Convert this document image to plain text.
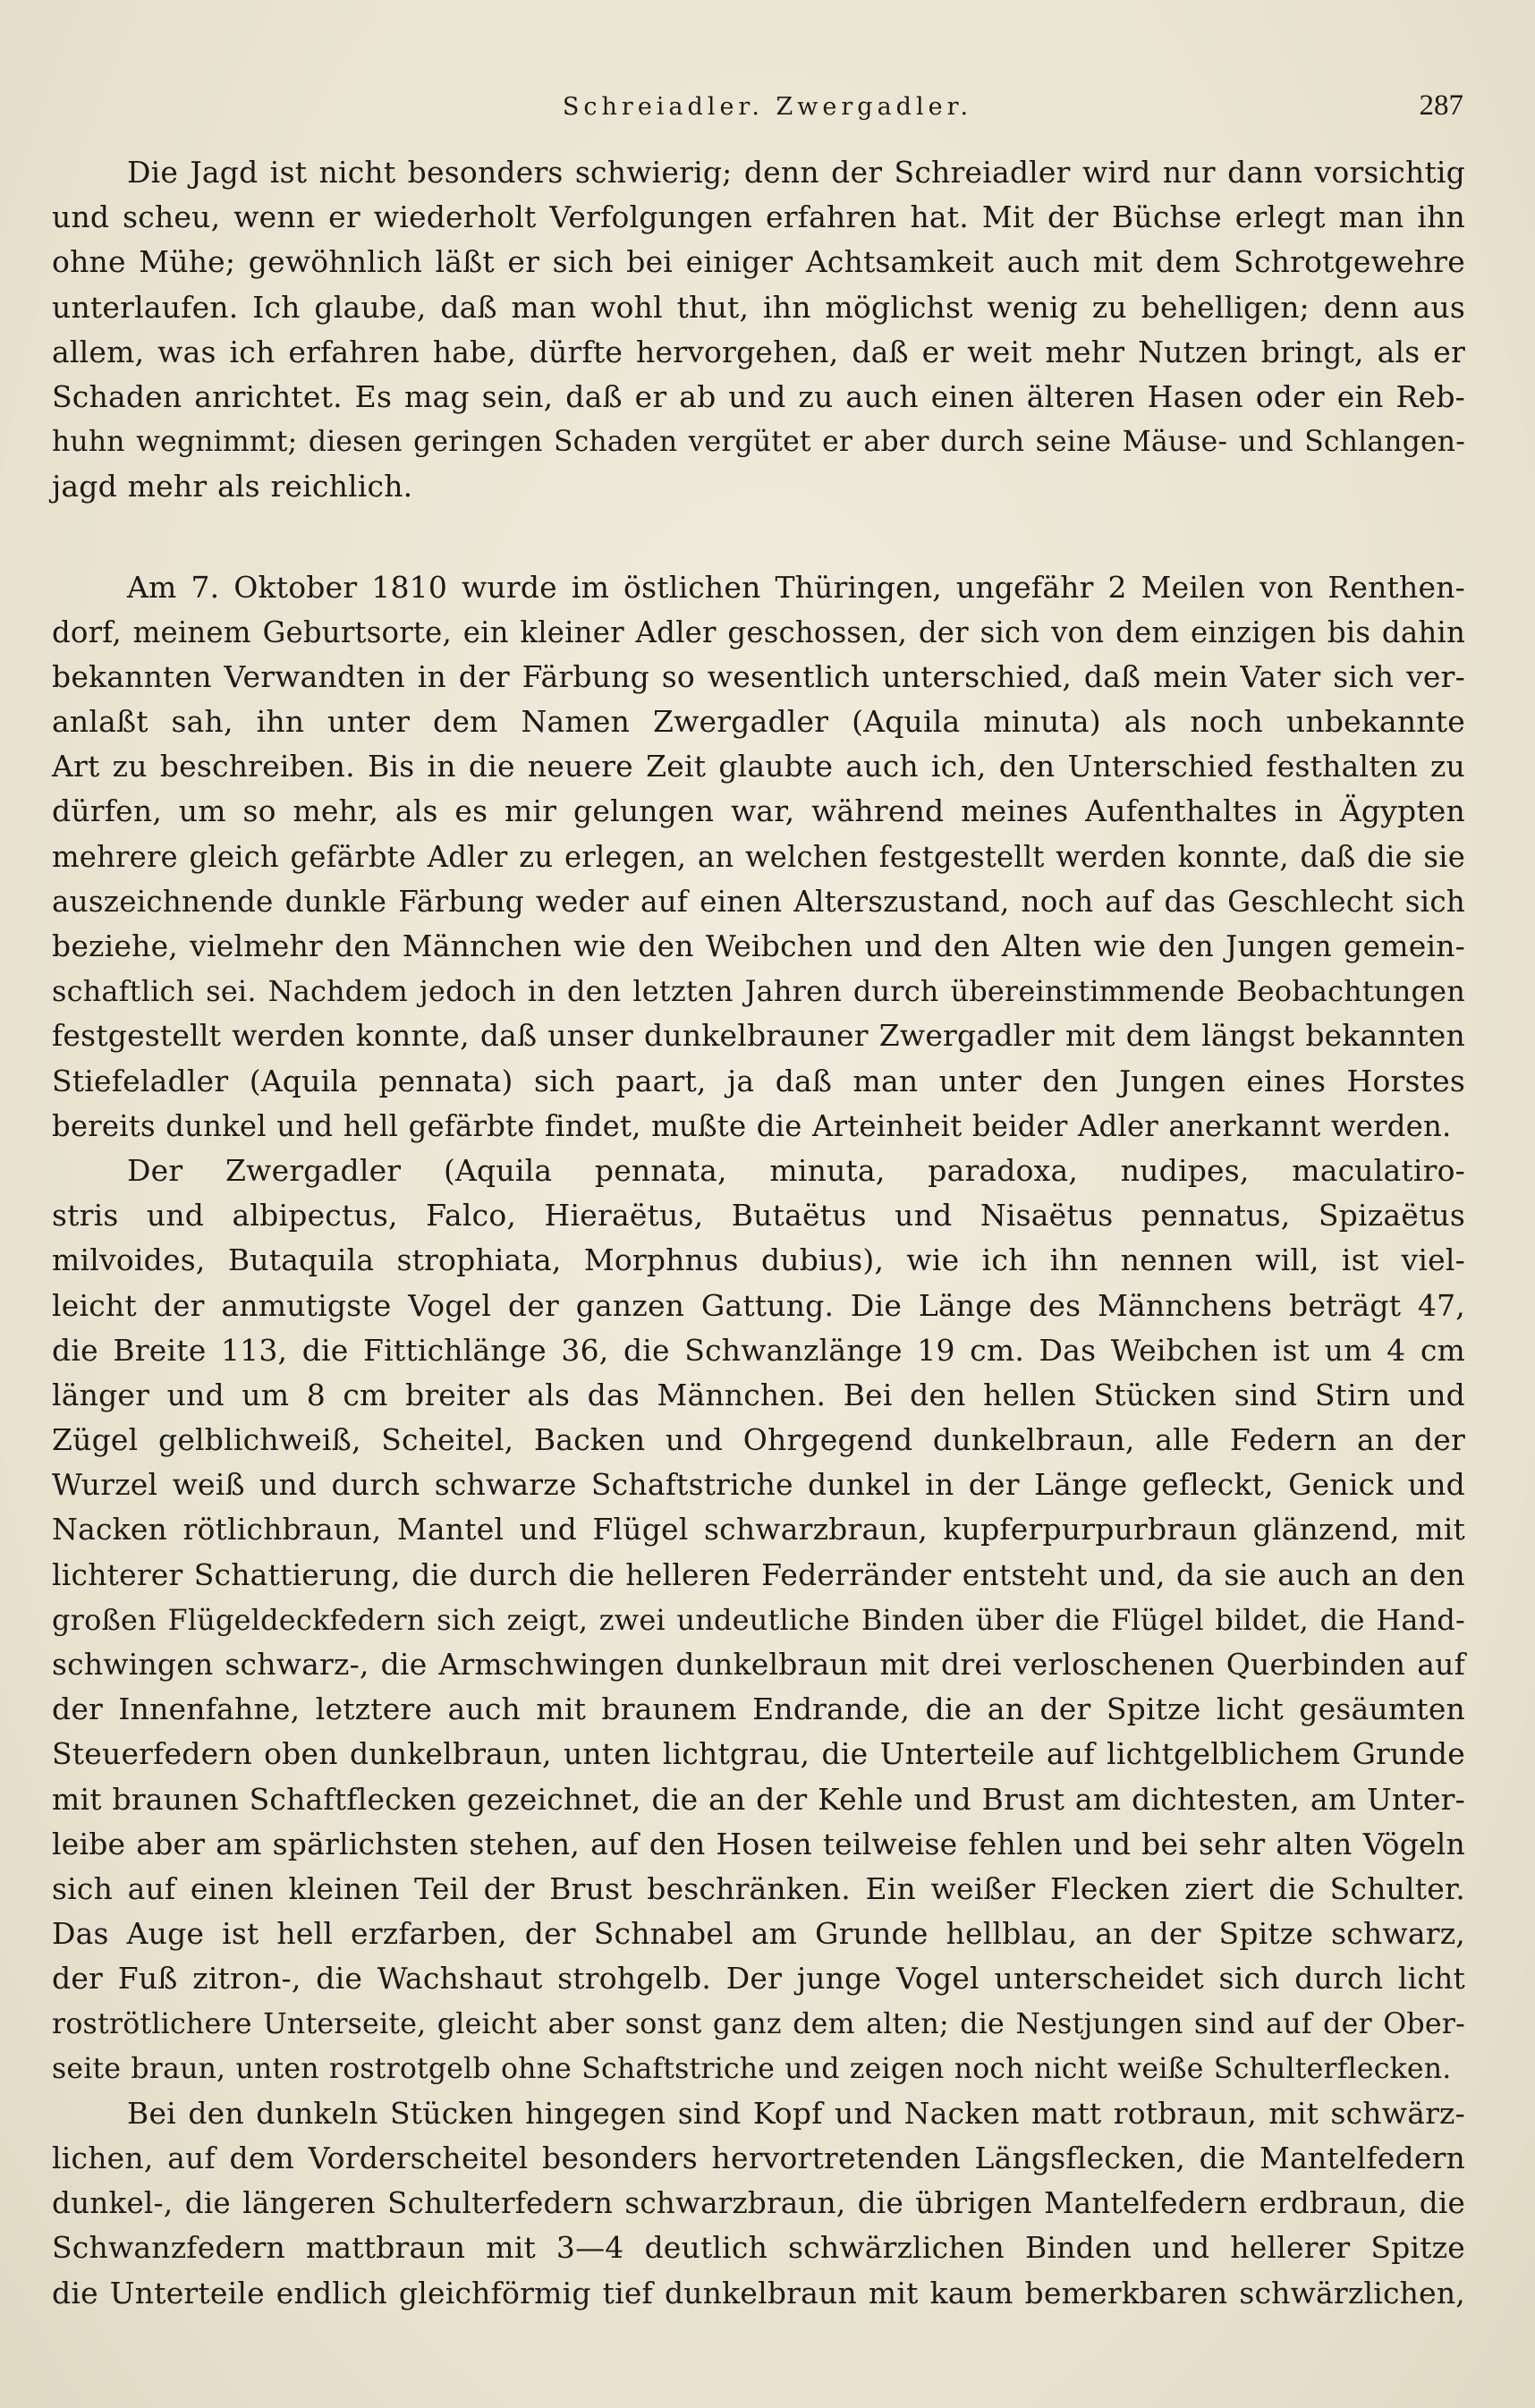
Schreiadler. Zwergadler.	287
Die Jagd ist nicht besonders schwierig; denn der Schreiadler wird nur dann vorsichtig
und scheu, wenn er wiederholt Verfolgungen erfahren hat. Mit der Büchse erlegt man ihn
ohne Mühe; gewöhnlich läßt er sich bei einiger Achtsamkeit auch mit dem Schrotgewehre
unterlaufen. Ich glaube, daß man wohl thut, ihn möglichst wenig zu behelligen; denn aus
allem, was ich erfahren habe, dürfte hervorgehen, daß er weit mehr Nutzen bringt, als er
Schaden anrichtet. Es mag sein, daß er ab und zu auch einen älteren Hasen oder ein Reb-
huhn wegnimmt; diesen geringen Schaden vergütet er aber durch seine Mäuse- und Schlangen-
jagd mehr als reichlich.
Am 7. Oktober 1810 wurde im östlichen Thüringen, ungefähr 2 Meilen von Renthen-
dorf, meinem Geburtsorte, ein kleiner Adler geschossen, der sich von dem einzigen bis dahin
bekannten Verwandten in der Färbung so wesentlich unterschied, daß mein Vater sich ver-
anlaßt sah, ihn unter dem Namen Zwergadler (Aquila minuta) als noch unbekannte
Art zu beschreiben. Bis in die neuere Zeit glaubte auch ich, den Unterschied festhalten zu
dürfen, um so mehr, als es mir gelungen war, während meines Aufenthaltes in Ägypten
mehrere gleich gefärbte Adler zu erlegen, an welchen festgestellt werden konnte, daß die sie
auszeichnende dunkle Färbung weder auf einen Alterszustand, noch auf das Geschlecht sich
beziehe, vielmehr den Männchen wie den Weibchen und den Alten wie den Jungen gemein-
schaftlich sei. Nachdem jedoch in den letzten Jahren durch übereinstimmende Beobachtungen
festgestellt werden konnte, daß unser dunkelbrauner Zwergadler mit dem längst bekannten
Stiefeladler (Aquila pennata) sich paart, ja daß man unter den Jungen eines Horstes
bereits dunkel und hell gefärbte findet, mußte die Arteinheit beider Adler anerkannt werden.
Der Zwergadler (Aquila pennata, minuta, paradoxa, nudipes, maculatiro-
stris und albipectus, Falco, Hieraëtus, Butaëtus und Nisaëtus pennatus, Spizaëtus
milvoides, Butaquila strophiata, Morphnus dubius), wie ich ihn nennen will, ist viel-
leicht der anmutigste Vogel der ganzen Gattung. Die Länge des Männchens beträgt 47,
die Breite 113, die Fittichlänge 36, die Schwanzlänge 19 cm. Das Weibchen ist um 4 cm
länger und um 8 cm breiter als das Männchen. Bei den hellen Stücken sind Stirn und
Zügel gelblichweiß, Scheitel, Backen und Ohrgegend dunkelbraun, alle Federn an der
Wurzel weiß und durch schwarze Schaftstriche dunkel in der Länge gefleckt, Genick und
Nacken rötlichbraun, Mantel und Flügel schwarzbraun, kupferpurpurbraun glänzend, mit
lichterer Schattierung, die durch die helleren Federränder entsteht und, da sie auch an den
großen Flügeldeckfedern sich zeigt, zwei undeutliche Binden über die Flügel bildet, die Hand-
schwingen schwarz-, die Armschwingen dunkelbraun mit drei verloschenen Querbinden auf
der Innenfahne, letztere auch mit braunem Endrande, die an der Spitze licht gesäumten
Steuerfedern oben dunkelbraun, unten lichtgrau, die Unterteile auf lichtgelblichem Grunde
mit braunen Schaftflecken gezeichnet, die an der Kehle und Brust am dichtesten, am Unter-
leibe aber am spärlichsten stehen, auf den Hosen teilweise fehlen und bei sehr alten Vögeln
sich auf einen kleinen Teil der Brust beschränken. Ein weißer Flecken ziert die Schulter.
Das Auge ist hell erzfarben, der Schnabel am Grunde hellblau, an der Spitze schwarz,
der Fuß zitron-, die Wachshaut strohgelb. Der junge Vogel unterscheidet sich durch licht
roströtlichere Unterseite, gleicht aber sonst ganz dem alten; die Nestjungen sind auf der Ober-
seite braun, unten rostrotgelb ohne Schaftstriche und zeigen noch nicht weiße Schulterflecken.
Bei den dunkeln Stücken hingegen sind Kopf und Nacken matt rotbraun, mit schwärz-
lichen, auf dem Vorderscheitel besonders hervortretenden Längsflecken, die Mantelfedern
dunkel-, die längeren Schulterfedern schwarzbraun, die übrigen Mantelfedern erdbraun, die
Schwanzfedern mattbraun mit 3—4 deutlich schwärzlichen Binden und hellerer Spitze
die Unterteile endlich gleichförmig tief dunkelbraun mit kaum bemerkbaren schwärzlichen,
